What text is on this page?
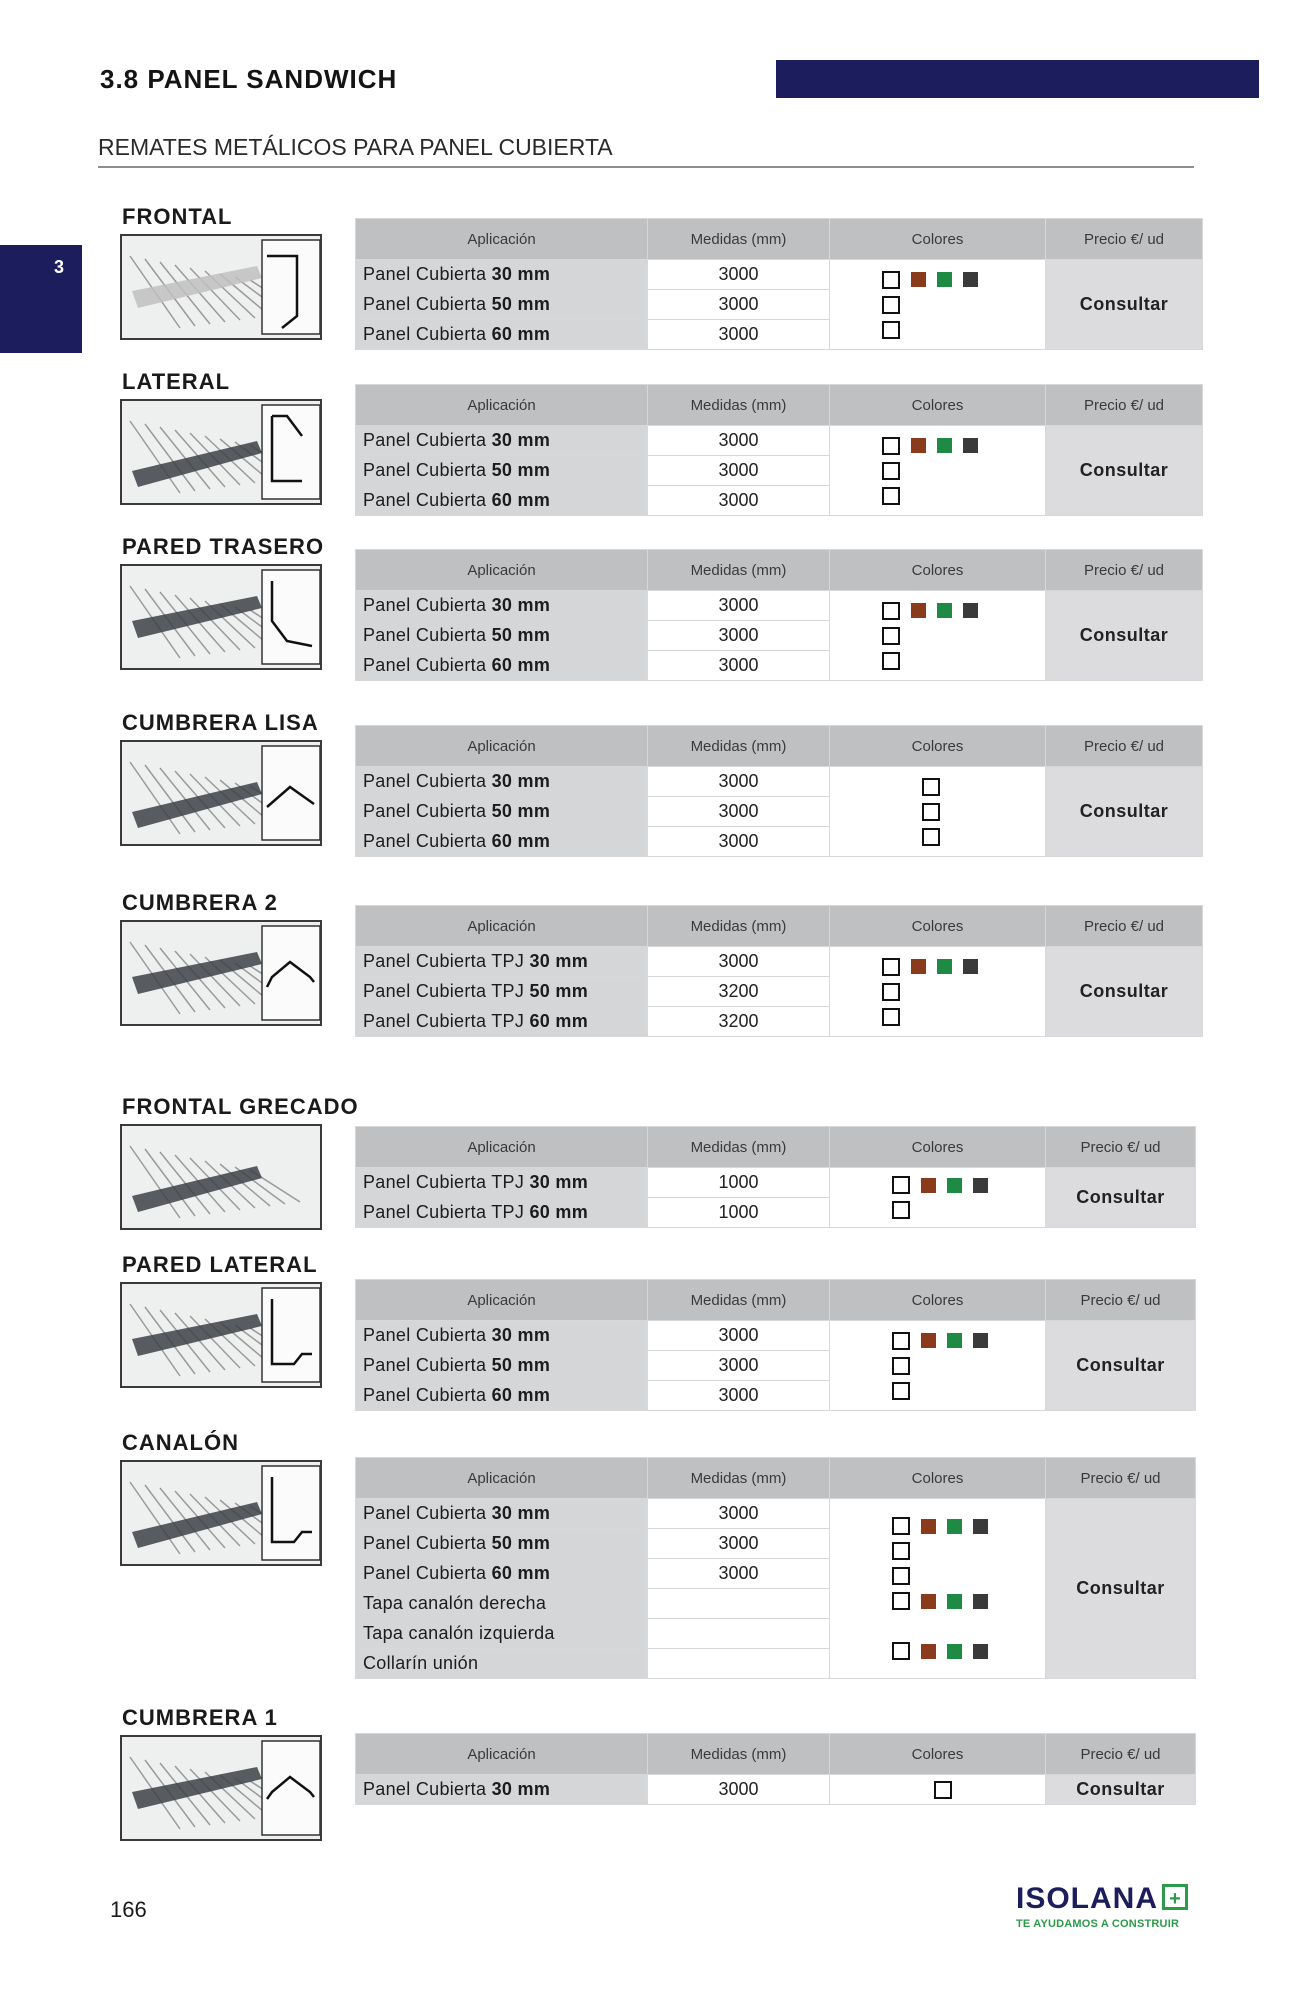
3.8 PANEL SANDWICH
REMATES METÁLICOS PARA PANEL CUBIERTA
3
FRONTAL
Aplicación	Medidas (mm)	Colores	Precio €/ ud
Panel Cubierta 30 mm	3000		Consultar
Panel Cubierta 50 mm	3000		
Panel Cubierta 60 mm	3000		
LATERAL
Aplicación	Medidas (mm)	Colores	Precio €/ ud
Panel Cubierta 30 mm	3000		Consultar
Panel Cubierta 50 mm	3000		
Panel Cubierta 60 mm	3000		
PARED TRASERO
Aplicación	Medidas (mm)	Colores	Precio €/ ud
Panel Cubierta 30 mm	3000		Consultar
Panel Cubierta 50 mm	3000		
Panel Cubierta 60 mm	3000		
CUMBRERA LISA
Aplicación	Medidas (mm)	Colores	Precio €/ ud
Panel Cubierta 30 mm	3000		Consultar
Panel Cubierta 50 mm	3000		
Panel Cubierta 60 mm	3000		
CUMBRERA 2
Aplicación	Medidas (mm)	Colores	Precio €/ ud
Panel Cubierta TPJ 30 mm	3000		Consultar
Panel Cubierta TPJ 50 mm	3200		
Panel Cubierta TPJ 60 mm	3200		
FRONTAL GRECADO
Aplicación	Medidas (mm)	Colores	Precio €/ ud
Panel Cubierta TPJ 30 mm	1000		Consultar
Panel Cubierta TPJ 60 mm	1000		
PARED LATERAL
Aplicación	Medidas (mm)	Colores	Precio €/ ud
Panel Cubierta 30 mm	3000		Consultar
Panel Cubierta 50 mm	3000		
Panel Cubierta 60 mm	3000		
CANALÓN
Aplicación	Medidas (mm)	Colores	Precio €/ ud
Panel Cubierta 30 mm	3000		Consultar
Panel Cubierta 50 mm	3000		
Panel Cubierta 60 mm	3000		
Tapa canalón derecha			
Tapa canalón izquierda			
Collarín unión			
CUMBRERA 1
Aplicación	Medidas (mm)	Colores	Precio €/ ud
Panel Cubierta 30 mm	3000		Consultar
166	ISOLANA +
TE AYUDAMOS A CONSTRUIR
